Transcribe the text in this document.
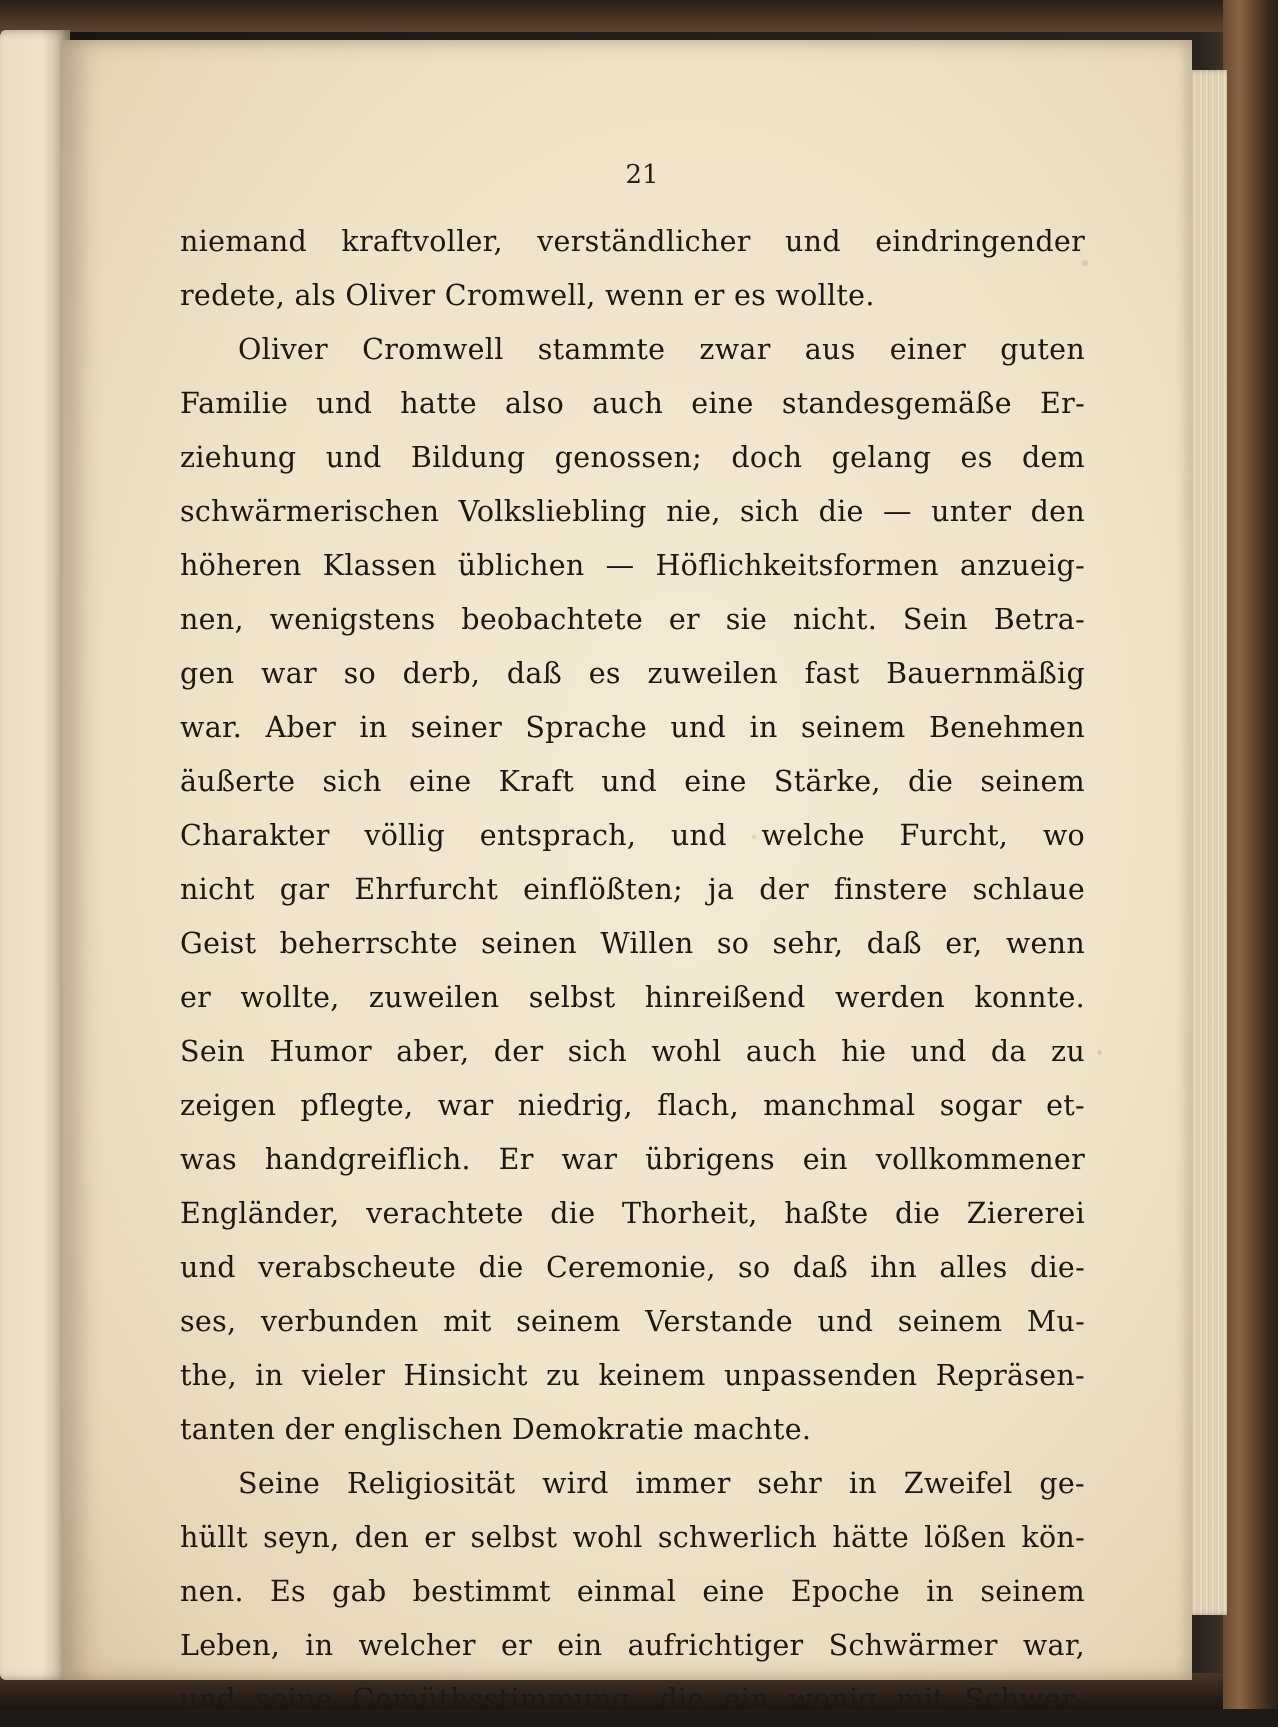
21
niemand kraftvoller, verständlicher und eindringender
redete, als Oliver Cromwell, wenn er es wollte.
Oliver Cromwell stammte zwar aus einer guten
Familie und hatte also auch eine standesgemäße Er-
ziehung und Bildung genossen; doch gelang es dem
schwärmerischen Volksliebling nie, sich die — unter den
höheren Klassen üblichen — Höflichkeitsformen anzueig-
nen, wenigstens beobachtete er sie nicht. Sein Betra-
gen war so derb, daß es zuweilen fast Bauernmäßig
war. Aber in seiner Sprache und in seinem Benehmen
äußerte sich eine Kraft und eine Stärke, die seinem
Charakter völlig entsprach, und welche Furcht, wo
nicht gar Ehrfurcht einflößten; ja der finstere schlaue
Geist beherrschte seinen Willen so sehr, daß er, wenn
er wollte, zuweilen selbst hinreißend werden konnte.
Sein Humor aber, der sich wohl auch hie und da zu
zeigen pflegte, war niedrig, flach, manchmal sogar et-
was handgreiflich. Er war übrigens ein vollkommener
Engländer, verachtete die Thorheit, haßte die Ziererei
und verabscheute die Ceremonie, so daß ihn alles die-
ses, verbunden mit seinem Verstande und seinem Mu-
the, in vieler Hinsicht zu keinem unpassenden Repräsen-
tanten der englischen Demokratie machte.
Seine Religiosität wird immer sehr in Zweifel ge-
hüllt seyn, den er selbst wohl schwerlich hätte lößen kön-
nen. Es gab bestimmt einmal eine Epoche in seinem
Leben, in welcher er ein aufrichtiger Schwärmer war,
und seine Gemüthsstimmung, die ein wenig mit Schwer-
